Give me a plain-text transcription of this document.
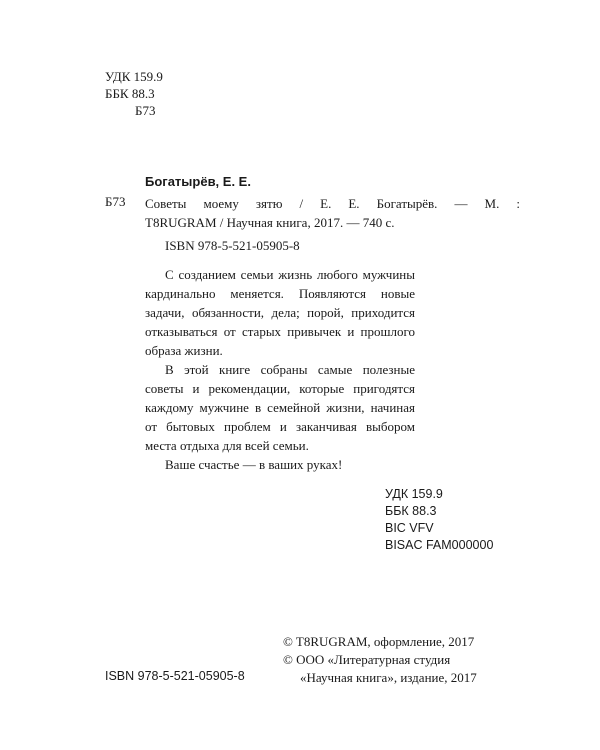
УДК 159.9
ББК 88.3
Б73
Богатырёв, Е. Е.
Б73 Советы моему зятю / Е. Е. Богатырёв. — М. :
T8RUGRAM / Научная книга, 2017. — 740 с.
ISBN 978-5-521-05905-8

С созданием семьи жизнь любого мужчины кардинально меняется. Появляются новые задачи, обязанности, дела; порой, приходится отказываться от старых привычек и прошлого образа жизни.

В этой книге собраны самые полезные советы и рекомендации, которые пригодятся каждому мужчине в семейной жизни, начиная от бытовых проблем и заканчивая выбором места отдыха для всей семьи.

Ваше счастье — в ваших руках!

УДК 159.9
ББК 88.3
BIC VFV
BISAC FAM000000
© T8RUGRAM, оформление, 2017
© ООО «Литературная студия
«Научная книга», издание, 2017
ISBN 978-5-521-05905-8
